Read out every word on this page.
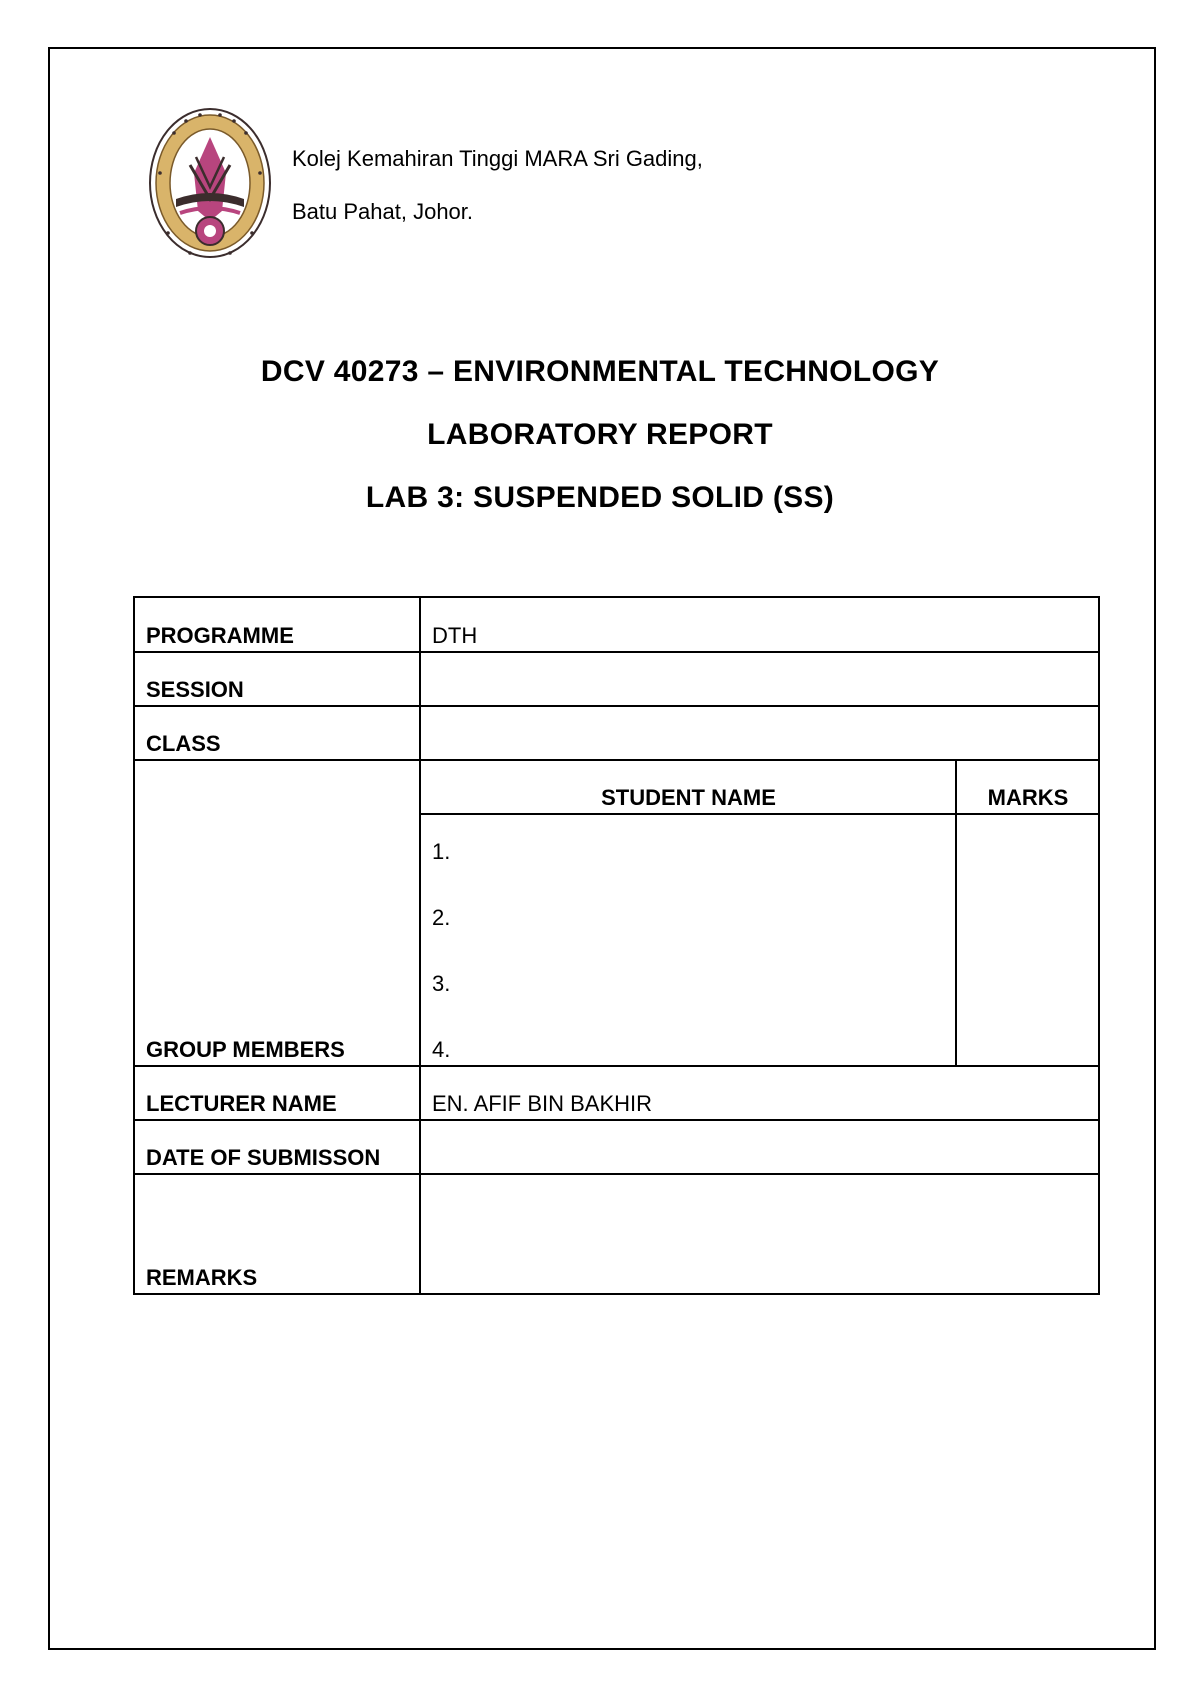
Kolej Kemahiran Tinggi MARA Sri Gading,
Batu Pahat, Johor.
DCV 40273 – ENVIRONMENTAL TECHNOLOGY
LABORATORY REPORT
LAB 3: SUSPENDED SOLID (SS)
PROGRAMME	DTH	
SESSION		
CLASS		
GROUP MEMBERS	STUDENT NAME	MARKS

	1.
2.
3.
4.	

LECTURER NAME	EN. AFIF BIN BAKHIR	
DATE OF SUBMISSON		
REMARKS		
